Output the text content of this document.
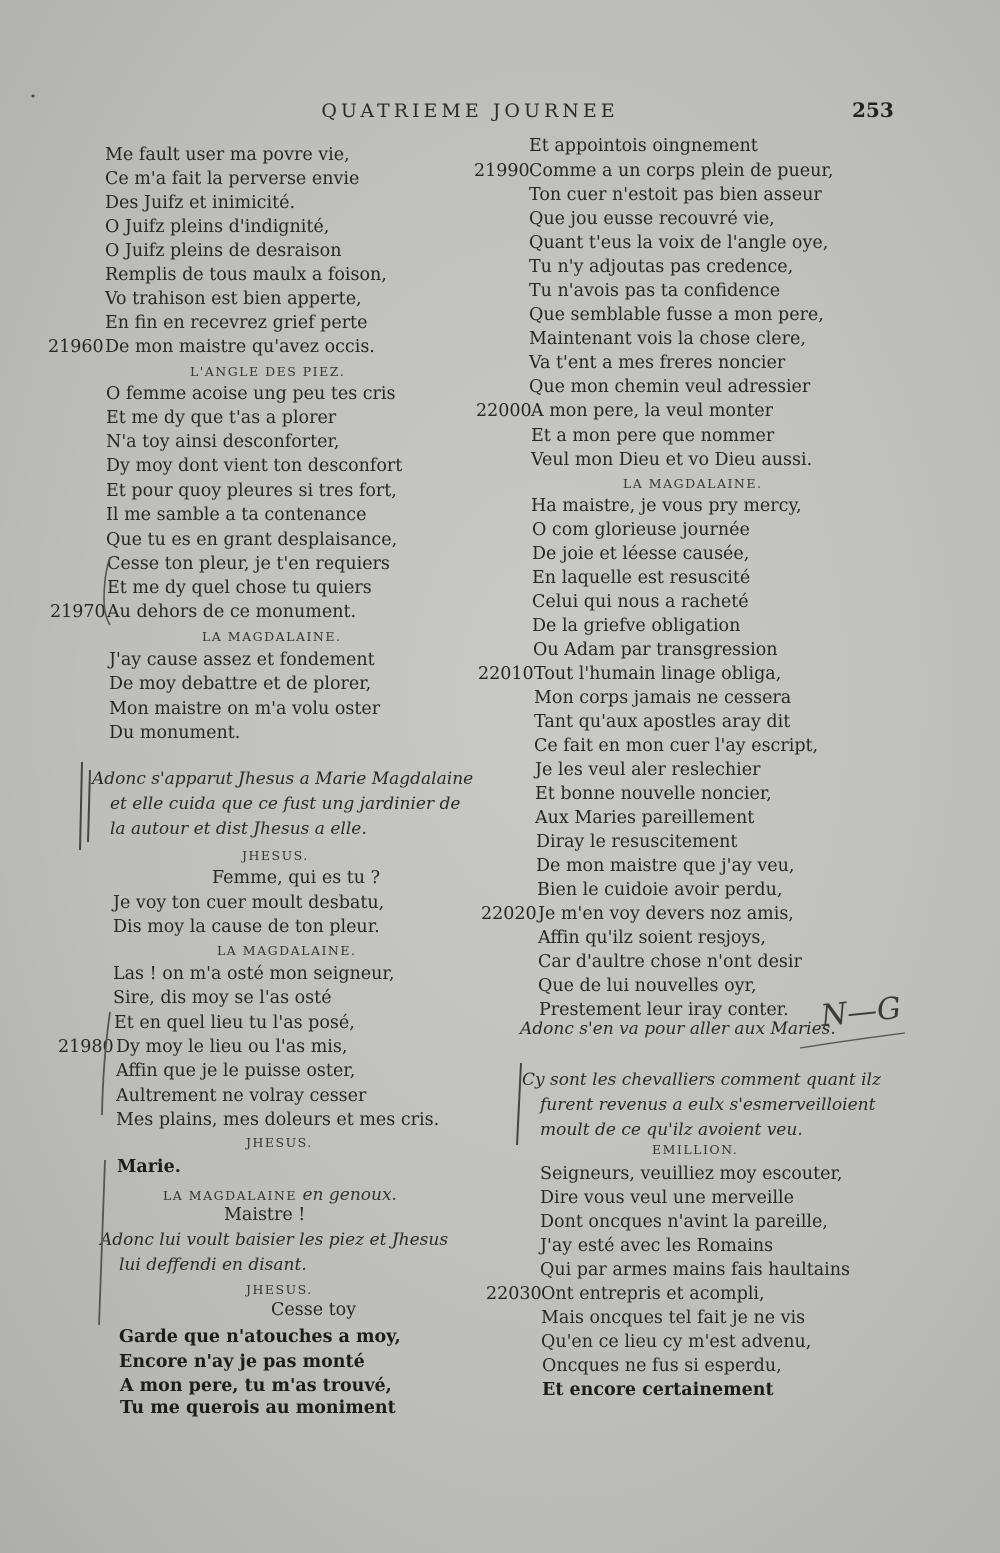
QUATRIEME JOURNEE	253
Me fault user ma povre vie,
Ce m'a fait la perverse envie
Des Juifz et inimicité.
O Juifz pleins d'indignité,
O Juifz pleins de desraison
Remplis de tous maulx a foison,
Vo trahison est bien apperte,
En fin en recevrez grief perte
21960 De mon maistre qu'avez occis.
L'ANGLE DES PIEZ.
O femme acoise ung peu tes cris
Et me dy que t'as a plorer
N'a toy ainsi desconforter,
Dy moy dont vient ton desconfort
Et pour quoy pleures si tres fort,
Il me samble a ta contenance
Que tu es en grant desplaisance,
Cesse ton pleur, je t'en requiers
Et me dy quel chose tu quiers
21970 Au dehors de ce monument.
LA MAGDALAINE.
J'ay cause assez et fondement
De moy debattre et de plorer,
Mon maistre on m'a volu oster
Du monument.
Adonc s'apparut Jhesus a Marie Magdalaine
et elle cuida que ce fust ung jardinier de
la autour et dist Jhesus a elle.
JHESUS.
Femme, qui es tu ?
Je voy ton cuer moult desbatu,
Dis moy la cause de ton pleur.
LA MAGDALAINE.
Las ! on m'a osté mon seigneur,
Sire, dis moy se l'as osté
Et en quel lieu tu l'as posé,
21980 Dy moy le lieu ou l'as mis,
Affin que je le puisse oster,
Aultrement ne volray cesser
Mes plains, mes doleurs et mes cris.
JHESUS.
Marie.
LA MAGDALAINE en genoux.
Maistre !
Adonc lui voult baisier les piez et Jhesus
lui deffendi en disant.
JHESUS.
Cesse toy
Garde que n'atouches a moy,
Encore n'ay je pas monté
A mon pere, tu m'as trouvé,
Tu me querois au moniment
Et appointois oingnement
21990 Comme a un corps plein de pueur,
Ton cuer n'estoit pas bien asseur
Que jou eusse recouvré vie,
Quant t'eus la voix de l'angle oye,
Tu n'y adjoutas pas credence,
Tu n'avois pas ta confidence
Que semblable fusse a mon pere,
Maintenant vois la chose clere,
Va t'ent a mes freres noncier
Que mon chemin veul adressier
22000 A mon pere, la veul monter
Et a mon pere que nommer
Veul mon Dieu et vo Dieu aussi.
LA MAGDALAINE.
Ha maistre, je vous pry mercy,
O com glorieuse journée
De joie et léesse causée,
En laquelle est resuscité
Celui qui nous a racheté
De la griefve obligation
Ou Adam par transgression
22010 Tout l'humain linage obliga,
Mon corps jamais ne cessera
Tant qu'aux apostles aray dit
Ce fait en mon cuer l'ay escript,
Je les veul aler reslechier
Et bonne nouvelle noncier,
Aux Maries pareillement
Diray le resuscitement
De mon maistre que j'ay veu,
Bien le cuidoie avoir perdu,
22020 Je m'en voy devers noz amis,
Affin qu'ilz soient resjoys,
Car d'aultre chose n'ont desir
Que de lui nouvelles oyr,
Prestement leur iray conter.
Adonc s'en va pour aller aux Maries.
Cy sont les chevalliers comment quant ilz
furent revenus a eulx s'esmerveilloient
moult de ce qu'ilz avoient veu.
EMILLION.
Seigneurs, veuilliez moy escouter,
Dire vous veul une merveille
Dont oncques n'avint la pareille,
J'ay esté avec les Romains
Qui par armes mains fais haultains
22030 Ont entrepris et acompli,
Mais oncques tel fait je ne vis
Qu'en ce lieu cy m'est advenu,
Oncques ne fus si esperdu,
Et encore certainement
N—G
